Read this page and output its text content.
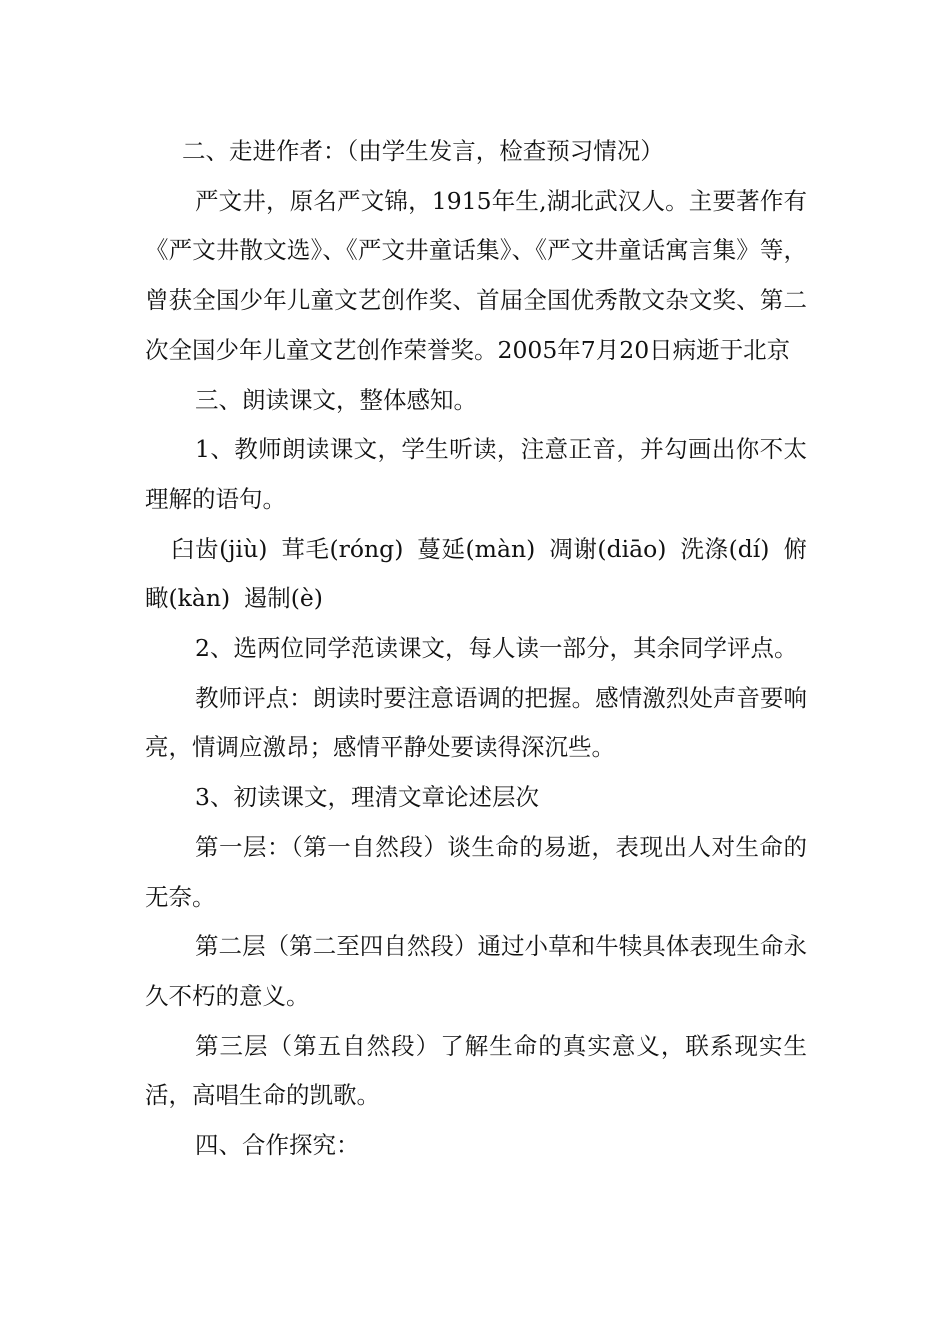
二、走进作者：（由学生发言，检查预习情况）

严文井，原名严文锦，1915年生,湖北武汉人。主要著作有《严文井散文选》、《严文井童话集》、《严文井童话寓言集》等，曾获全国少年儿童文艺创作奖、首届全国优秀散文杂文奖、第二次全国少年儿童文艺创作荣誉奖。2005年7月20日病逝于北京

三、朗读课文，整体感知。

1、教师朗读课文，学生听读，注意正音，并勾画出你不太理解的语句。

臼齿(jiù) 茸毛(róng) 蔓延(màn) 凋谢(diāo) 洗涤(dí) 俯瞰(kàn) 遏制(è)

2、选两位同学范读课文，每人读一部分，其余同学评点。

教师评点：朗读时要注意语调的把握。感情激烈处声音要响亮，情调应激昂；感情平静处要读得深沉些。

3、初读课文，理清文章论述层次

第一层：（第一自然段）谈生命的易逝，表现出人对生命的无奈。

第二层（第二至四自然段）通过小草和牛犊具体表现生命永久不朽的意义。

第三层（第五自然段）了解生命的真实意义，联系现实生活，高唱生命的凯歌。

四、合作探究：
